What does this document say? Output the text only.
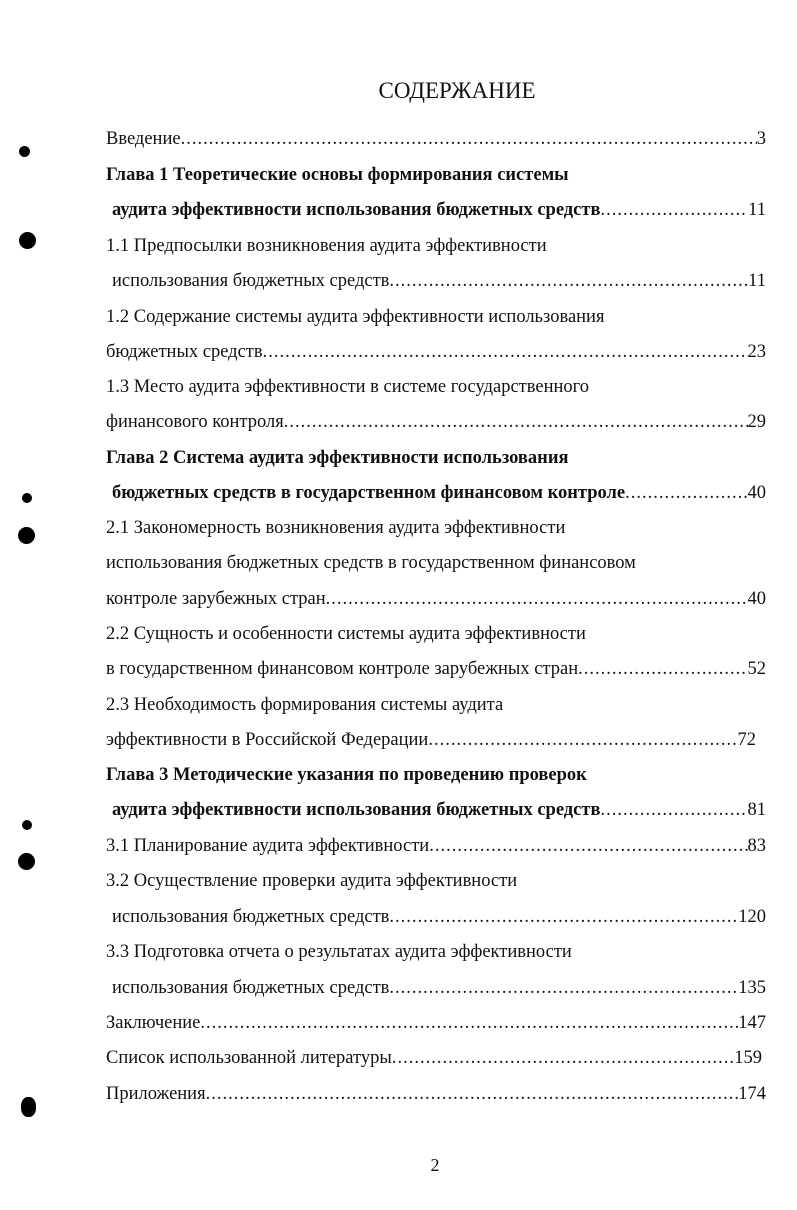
СОДЕРЖАНИЕ
Введение .....	3
Глава 1 Теоретические основы формирования системы
аудита эффективности использования бюджетных средств .....	11
1.1 Предпосылки возникновения аудита эффективности
использования бюджетных средств .....	11
1.2 Содержание системы аудита эффективности использования
бюджетных средств .....	23
1.3 Место аудита эффективности в системе государственного
финансового контроля .....	29
Глава 2 Система аудита эффективности использования
бюджетных средств в государственном финансовом контроле .....	40
2.1 Закономерность возникновения аудита эффективности
использования бюджетных средств в государственном финансовом
контроле зарубежных стран .....	40
2.2 Сущность и особенности системы аудита эффективности
в государственном финансовом контроле зарубежных стран .....	52
2.3 Необходимость формирования системы аудита
эффективности в Российской Федерации .....	72
Глава 3 Методические указания по проведению проверок
аудита эффективности использования бюджетных средств .....	81
3.1 Планирование аудита эффективности .....	83
3.2 Осуществление проверки аудита эффективности
использования бюджетных средств .....	120
3.3 Подготовка отчета о результатах аудита эффективности
использования бюджетных средств .....	135
Заключение .....	147
Список использованной литературы .....	159
Приложения .....	174
2
